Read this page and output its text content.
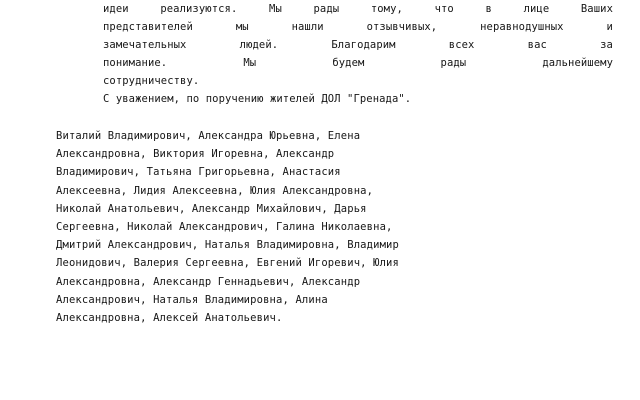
идеи	реализуются.	Мы	рады	тому,	что	в	лице	Ваших
представителей	мы	нашли	отзывчивых,	неравнодушных	и
замечательных	людей.	Благодарим	всех	вас	за
понимание.	Мы	будем	рады	дальнейшему
сотрудничеству.
С уважением, по поручению жителей ДОЛ "Гренада".
Виталий Владимирович, Александра Юрьевна, Елена
Александровна, Виктория Игоревна, Александр
Владимирович, Татьяна Григорьевна, Анастасия
Алексеевна, Лидия Алексеевна, Юлия Александровна,
Николай Анатольевич, Александр Михайлович, Дарья
Сергеевна, Николай Александрович, Галина Николаевна,
Дмитрий Александрович, Наталья Владимировна, Владимир
Леонидович, Валерия Сергеевна, Евгений Игоревич, Юлия
Александровна, Александр Геннадьевич, Александр
Александрович, Наталья Владимировна, Алина
Александровна, Алексей Анатольевич.
